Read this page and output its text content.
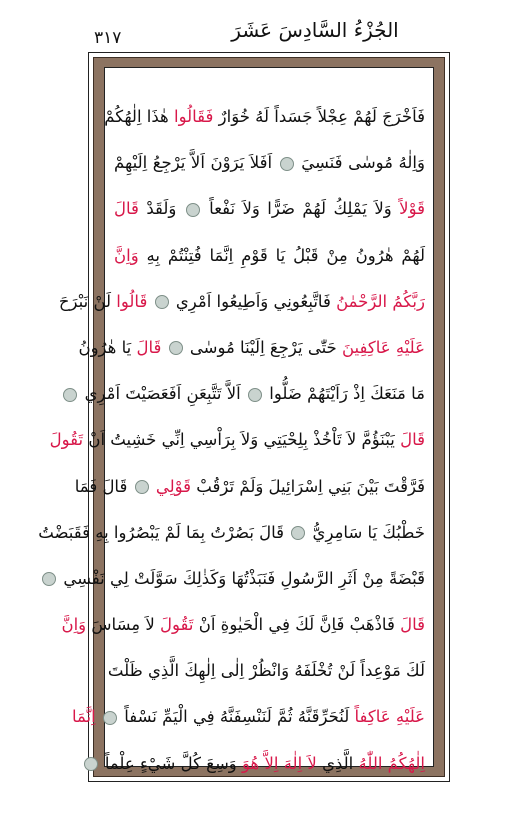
٣١٧	الجُزْءُ السَّادِسَ عَشَرَ
فَاَخْرَجَ لَهُمْ عِجْلاً جَسَداً لَهُ خُوَارٌ فَقَالُوا هٰذَا اِلٰهُكُمْ
وَاِلٰهُ مُوسٰى فَنَسِيَ  اَفَلاَ يَرَوْنَ اَلاَّ يَرْجِعُ اِلَيْهِمْ
قَوْلاً وَلاَ يَمْلِكُ لَهُمْ ضَرًّا وَلاَ نَفْعاً  وَلَقَدْ قَالَ
لَهُمْ هٰرُونُ مِنْ قَبْلُ يَا قَوْمِ اِنَّمَا فُتِنْتُمْ بِهِ وَاِنَّ
رَبَّكُمُ الرَّحْمٰنُ فَاتَّبِعُونِي وَاَطِيعُوا اَمْرِي  قَالُوا لَنْ نَبْرَحَ
عَلَيْهِ عَاكِفِينَ حَتّٰى يَرْجِعَ اِلَيْنَا مُوسٰى  قَالَ يَا هٰرُونُ
مَا مَنَعَكَ اِذْ رَاَيْتَهُمْ ضَلُّوا  اَلاَّ تَتَّبِعَنِ اَفَعَصَيْتَ اَمْرِي
قَالَ يَبْنَؤُمَّ لاَ تَاْخُذْ بِلِحْيَتِي وَلاَ بِرَاْسِي اِنِّي خَشِيتُ اَنْ تَقُولَ
فَرَّقْتَ بَيْنَ بَنِي اِسْرَائِيلَ وَلَمْ تَرْقُبْ قَوْلِي  قَالَ فَمَا
خَطْبُكَ يَا سَامِرِيُّ  قَالَ بَصُرْتُ بِمَا لَمْ يَبْصُرُوا بِهِ فَقَبَضْتُ
قَبْضَةً مِنْ اَثَرِ الرَّسُولِ فَنَبَذْتُهَا وَكَذٰلِكَ سَوَّلَتْ لِي نَفْسِي
قَالَ فَاذْهَبْ فَاِنَّ لَكَ فِي الْحَيٰوةِ اَنْ تَقُولَ لاَ مِسَاسَ وَاِنَّ
لَكَ مَوْعِداً لَنْ تُخْلَفَهُ وَانْظُرْ اِلٰى اِلٰهِكَ الَّذِي ظَلْتَ
عَلَيْهِ عَاكِفاً لَنُحَرِّقَنَّهُ ثُمَّ لَنَنْسِفَنَّهُ فِي الْيَمِّ نَسْفاً  اِنَّمَا
اِلٰهُكُمُ اللّٰهُ الَّذِي لاَ اِلٰهَ اِلاَّ هُوَ وَسِعَ كُلَّ شَيْءٍ عِلْماً
